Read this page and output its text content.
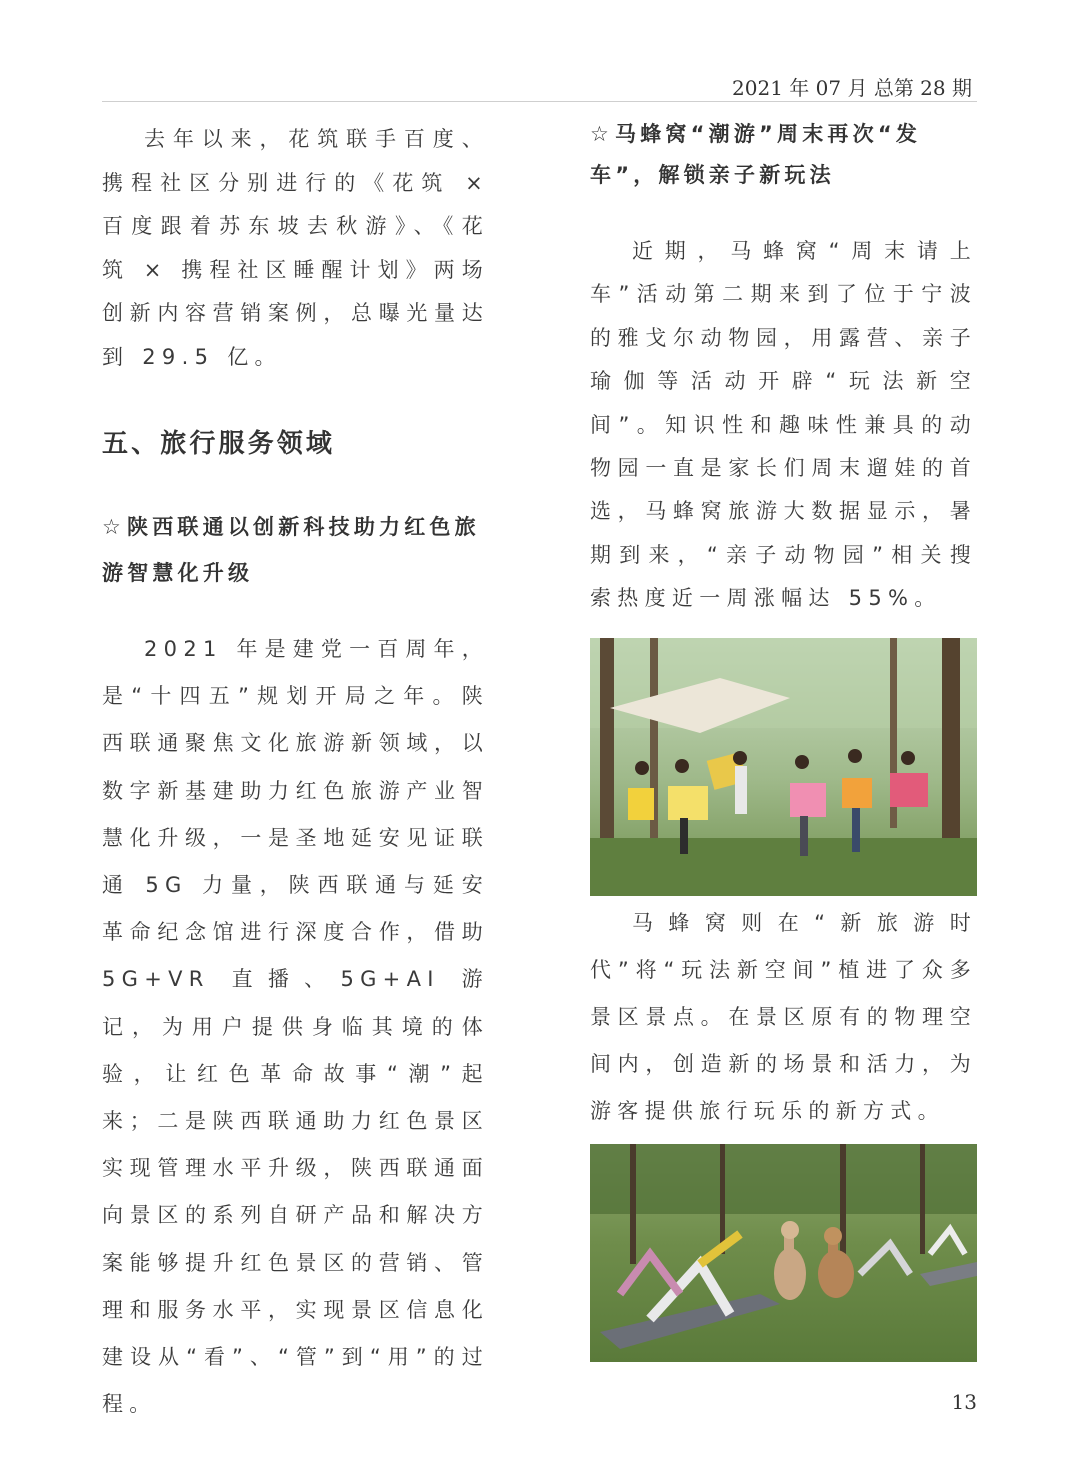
2021 年 07 月 总第 28 期

去年以来，花筑联手百度、携程社区分别进行的《花筑 × 百度跟着苏东坡去秋游》、《花筑 × 携程社区睡醒计划》两场创新内容营销案例，总曝光量达到 29.5 亿。

五、旅行服务领域
☆陕西联通以创新科技助力红色旅游智慧化升级

2021 年是建党一百周年，是“十四五”规划开局之年。陕西联通聚焦文化旅游新领域，以数字新基建助力红色旅游产业智慧化升级，一是圣地延安见证联通 5G 力量，陕西联通与延安革命纪念馆进行深度合作，借助 5G+VR 直播、5G+AI 游记，为用户提供身临其境的体验，让红色革命故事“潮”起来；二是陕西联通助力红色景区实现管理水平升级，陕西联通面向景区的系列自研产品和解决方案能够提升红色景区的营销、管理和服务水平，实现景区信息化建设从“看”、“管”到“用”的过程。

☆马蜂窝“潮游”周末再次“发车”，解锁亲子新玩法

近期，马蜂窝“周末请上车”活动第二期来到了位于宁波的雅戈尔动物园，用露营、亲子瑜伽等活动开辟“玩法新空间”。知识性和趣味性兼具的动物园一直是家长们周末遛娃的首选，马蜂窝旅游大数据显示，暑期到来，“亲子动物园”相关搜索热度近一周涨幅达 55%。

马蜂窝则在“新旅游时代”将“玩法新空间”植进了众多景区景点。在景区原有的物理空间内，创造新的场景和活力，为游客提供旅行玩乐的新方式。

13
